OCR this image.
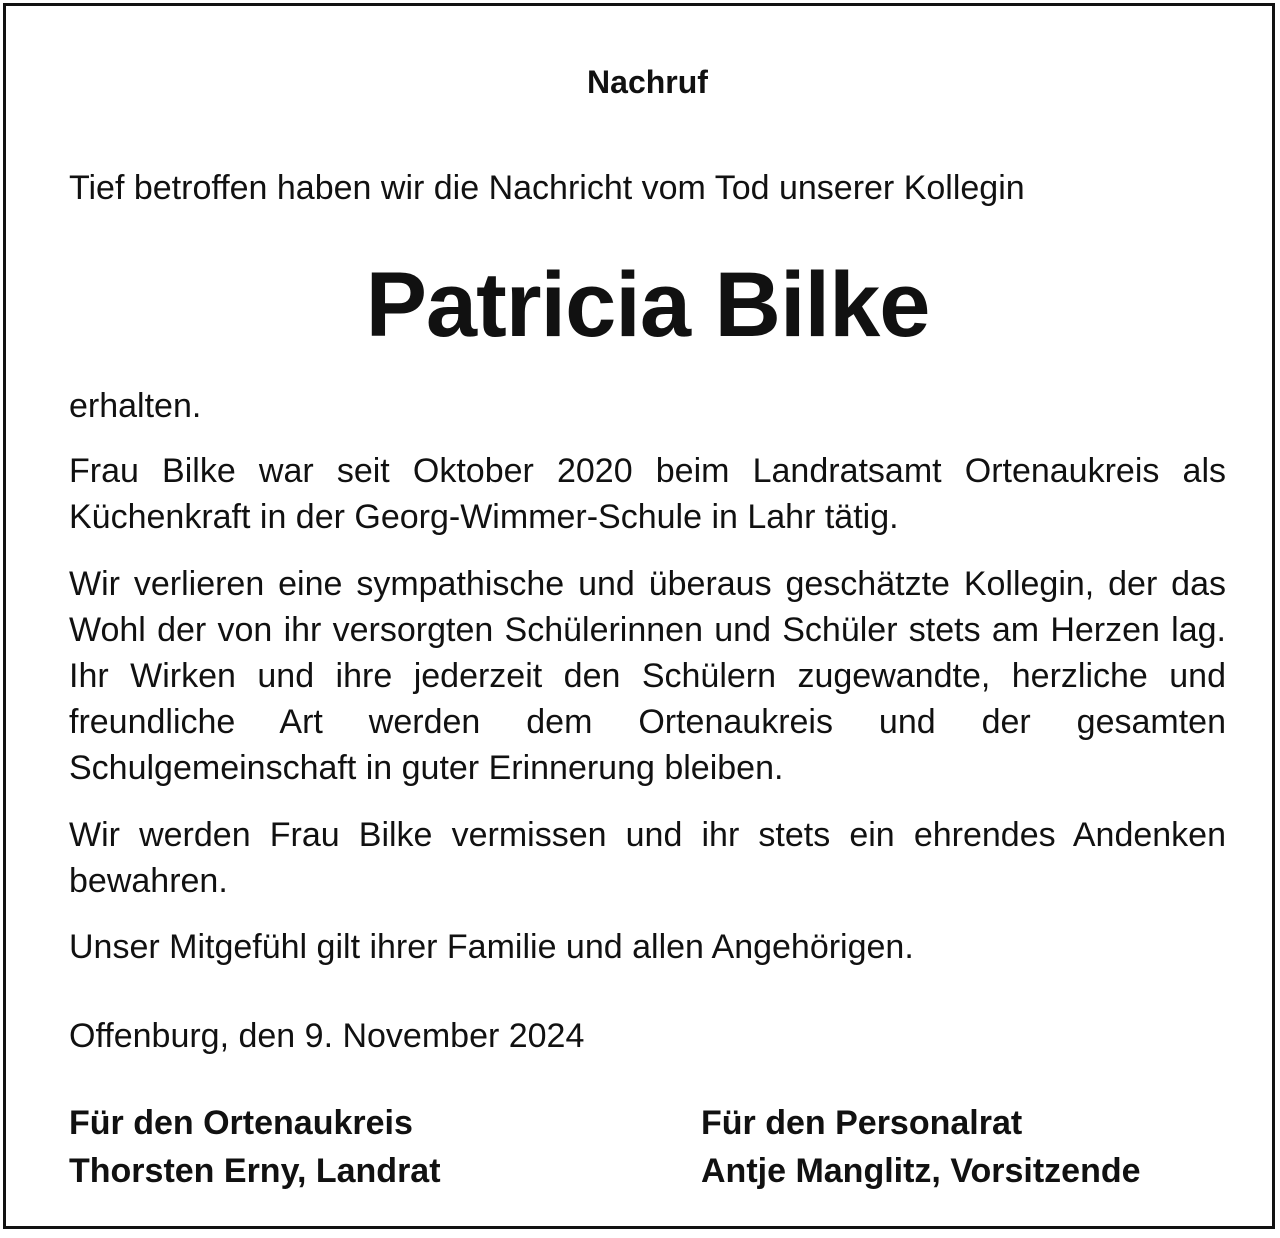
Nachruf
Tief betroffen haben wir die Nachricht vom Tod unserer Kollegin
Patricia Bilke
erhalten.
Frau Bilke war seit Oktober 2020 beim Landratsamt Ortenaukreis als Küchenkraft in der Georg-Wimmer-Schule in Lahr tätig.
Wir verlieren eine sympathische und überaus geschätzte Kollegin, der das Wohl der von ihr versorgten Schülerinnen und Schüler stets am Herzen lag. Ihr Wirken und ihre jederzeit den Schülern zugewandte, herzliche und freundliche Art werden dem Ortenaukreis und der gesamten Schulgemeinschaft in guter Erinnerung bleiben.
Wir werden Frau Bilke vermissen und ihr stets ein ehrendes Andenken bewahren.
Unser Mitgefühl gilt ihrer Familie und allen Angehörigen.
Offenburg, den 9. November 2024
Für den Ortenaukreis
Thorsten Erny, Landrat
Für den Personalrat
Antje Manglitz, Vorsitzende
